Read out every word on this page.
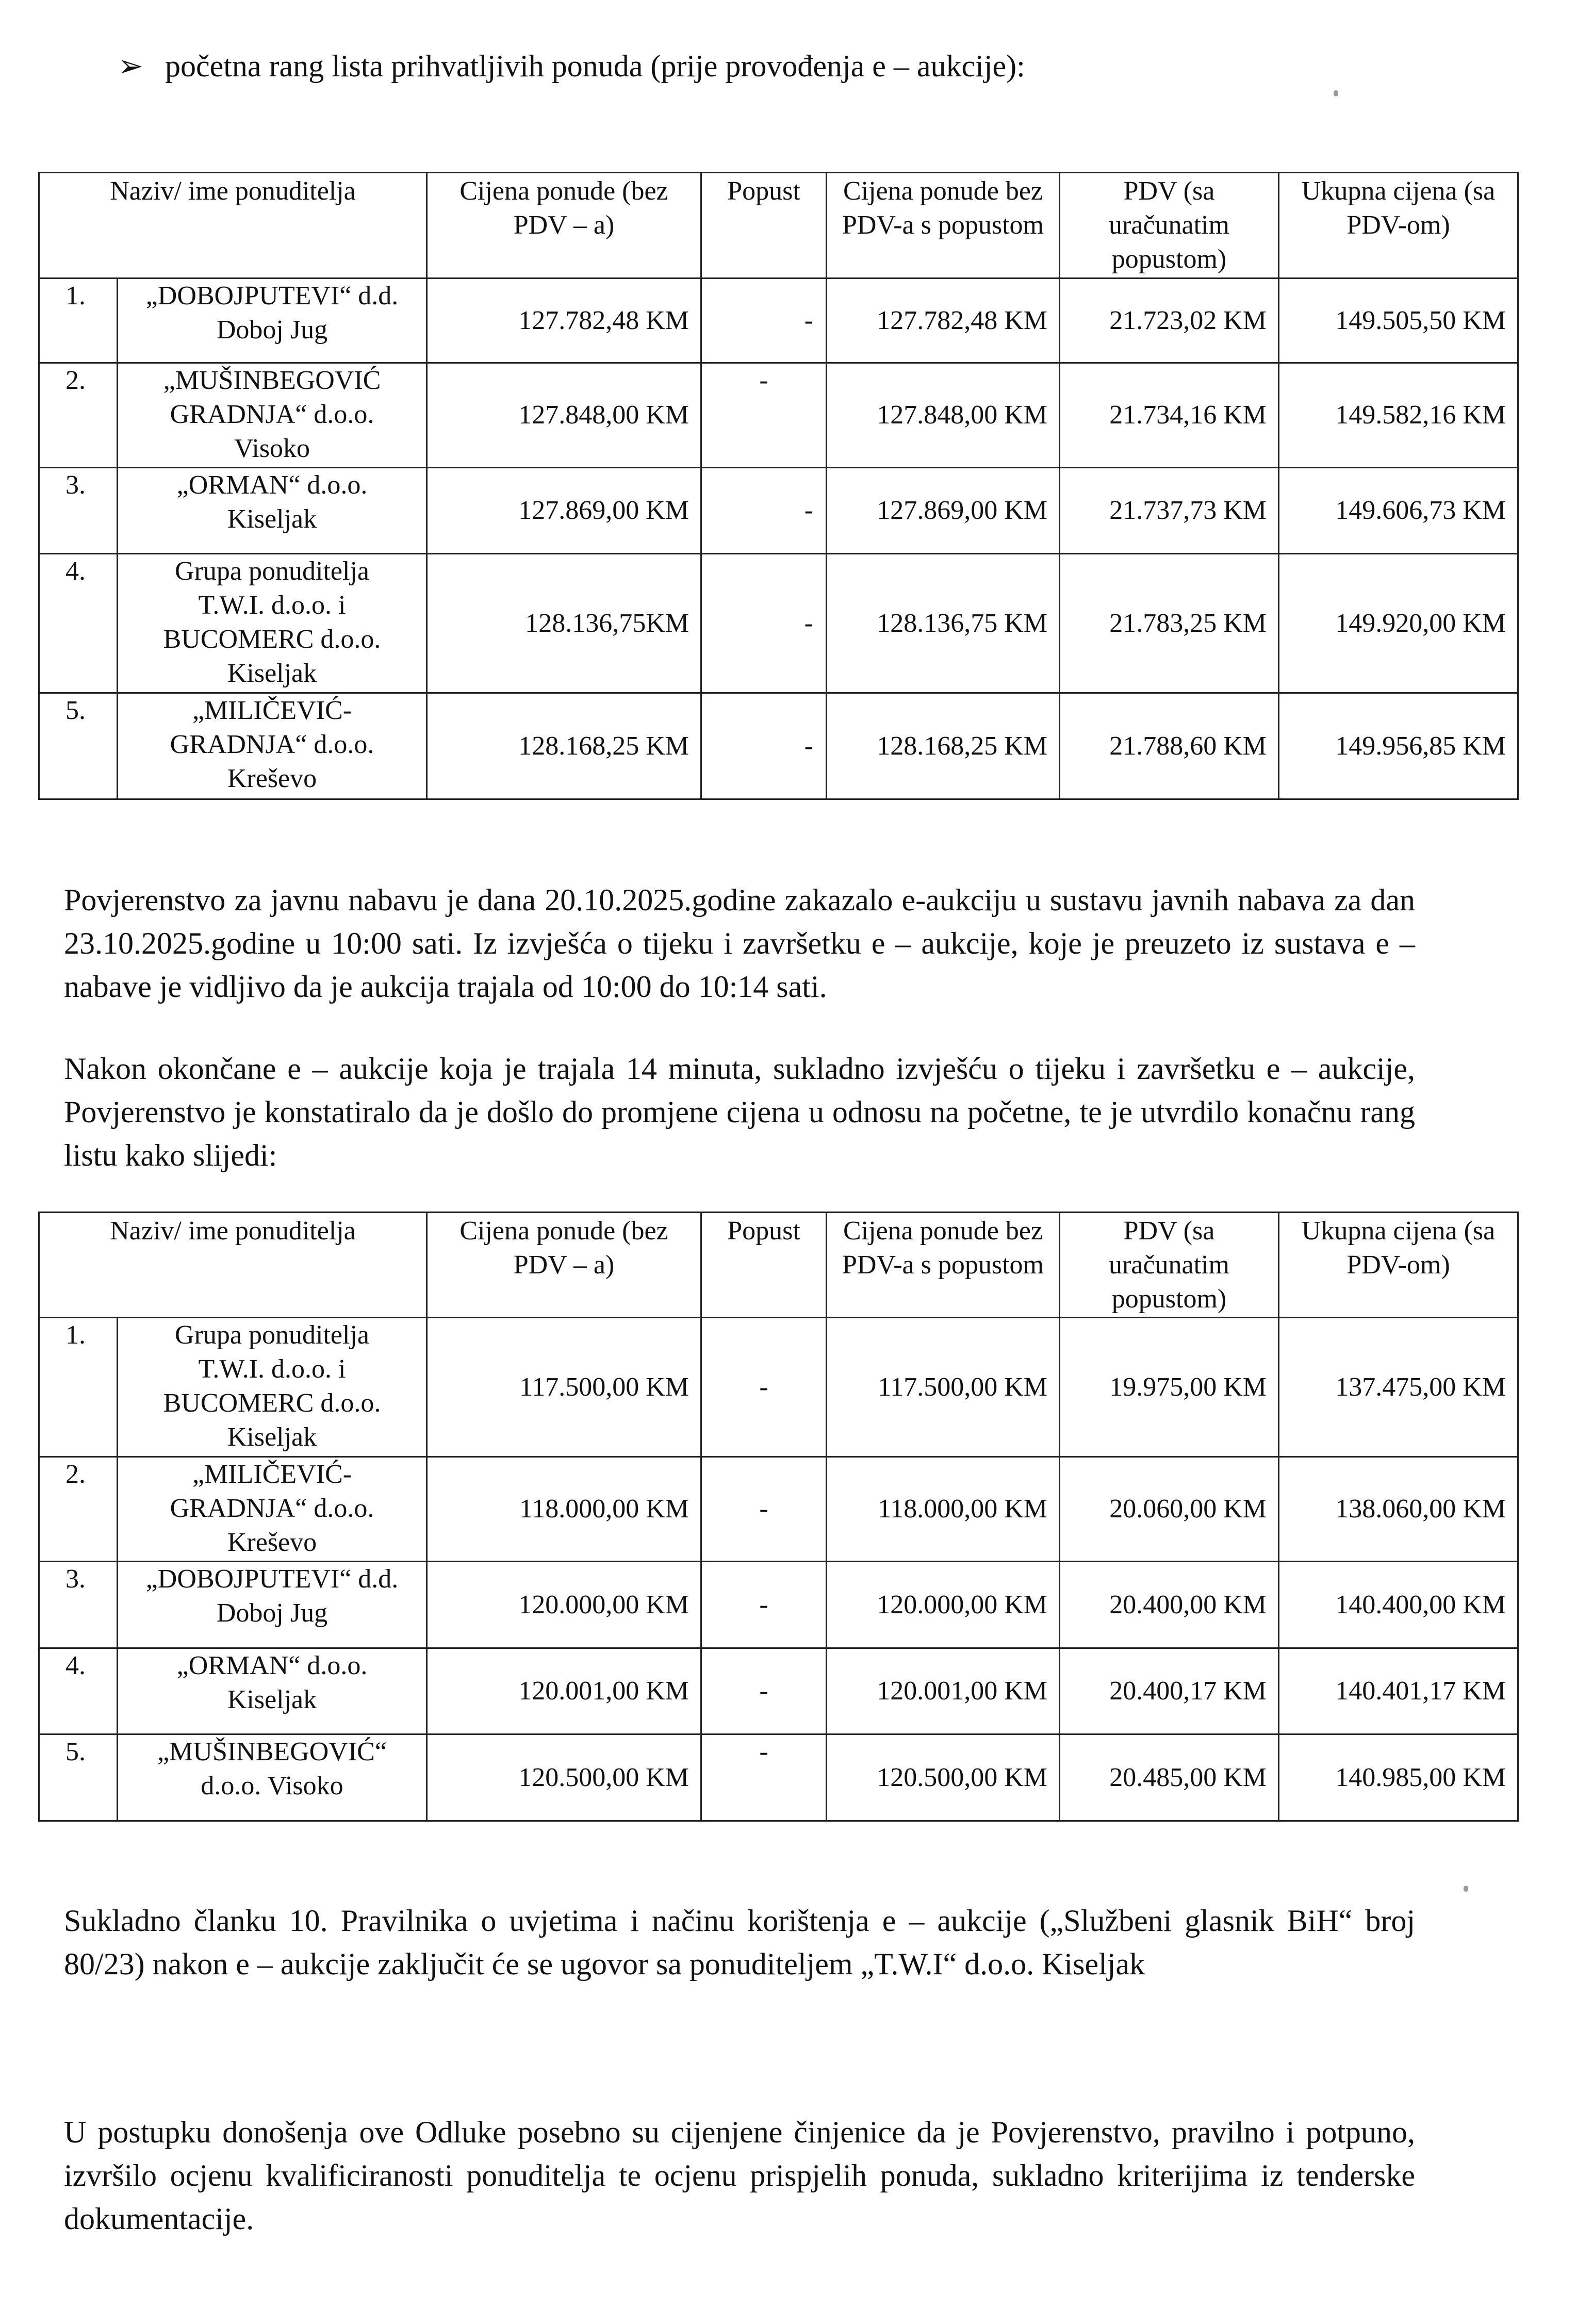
➢ početna rang lista prihvatljivih ponuda (prije provođenja e – aukcije):
Naziv/ ime ponuditelja		Cijena ponude (bez PDV – a)	Popust	Cijena ponude bez PDV-a s popustom	PDV (sa uračunatim popustom)	Ukupna cijena (sa PDV-om)
1.	„DOBOJPUTEVI“ d.d.
Doboj Jug	127.782,48 KM	-	127.782,48 KM	21.723,02 KM	149.505,50 KM
2.	„MUŠINBEGOVIĆ
GRADNJA“ d.o.o.
Visoko	127.848,00 KM	-	127.848,00 KM	21.734,16 KM	149.582,16 KM
3.	„ORMAN“ d.o.o.
Kiseljak	127.869,00 KM	-	127.869,00 KM	21.737,73 KM	149.606,73 KM
4.	Grupa ponuditelja
T.W.I. d.o.o. i
BUCOMERC d.o.o.
Kiseljak	128.136,75KM	-	128.136,75 KM	21.783,25 KM	149.920,00 KM
5.	„MILIČEVIĆ-
GRADNJA“ d.o.o.
Kreševo	128.168,25 KM	-	128.168,25 KM	21.788,60 KM	149.956,85 KM
Povjerenstvo za javnu nabavu je dana 20.10.2025.godine zakazalo e-aukciju u sustavu javnih nabava za dan 23.10.2025.godine u 10:00 sati. Iz izvješća o tijeku i završetku e – aukcije, koje je preuzeto iz sustava e – nabave je vidljivo da je aukcija trajala od 10:00 do 10:14 sati.
Nakon okončane e – aukcije koja je trajala 14 minuta, sukladno izvješću o tijeku i završetku e – aukcije, Povjerenstvo je konstatiralo da je došlo do promjene cijena u odnosu na početne, te je utvrdilo konačnu rang listu kako slijedi:
Naziv/ ime ponuditelja		Cijena ponude (bez PDV – a)	Popust	Cijena ponude bez PDV-a s popustom	PDV (sa uračunatim popustom)	Ukupna cijena (sa PDV-om)
1.	Grupa ponuditelja
T.W.I. d.o.o. i
BUCOMERC d.o.o.
Kiseljak	117.500,00 KM	-	117.500,00 KM	19.975,00 KM	137.475,00 KM
2.	„MILIČEVIĆ-
GRADNJA“ d.o.o.
Kreševo	118.000,00 KM	-	118.000,00 KM	20.060,00 KM	138.060,00 KM
3.	„DOBOJPUTEVI“ d.d.
Doboj Jug	120.000,00 KM	-	120.000,00 KM	20.400,00 KM	140.400,00 KM
4.	„ORMAN“ d.o.o.
Kiseljak	120.001,00 KM	-	120.001,00 KM	20.400,17 KM	140.401,17 KM
5.	„MUŠINBEGOVIĆ“
d.o.o. Visoko	120.500,00 KM	-	120.500,00 KM	20.485,00 KM	140.985,00 KM
Sukladno članku 10. Pravilnika o uvjetima i načinu korištenja e – aukcije („Službeni glasnik BiH“ broj 80/23) nakon e – aukcije zaključit će se ugovor sa ponuditeljem „T.W.I“ d.o.o. Kiseljak
U postupku donošenja ove Odluke posebno su cijenjene činjenice da je Povjerenstvo, pravilno i potpuno, izvršilo ocjenu kvalificiranosti ponuditelja te ocjenu prispjelih ponuda, sukladno kriterijima iz tenderske dokumentacije.
